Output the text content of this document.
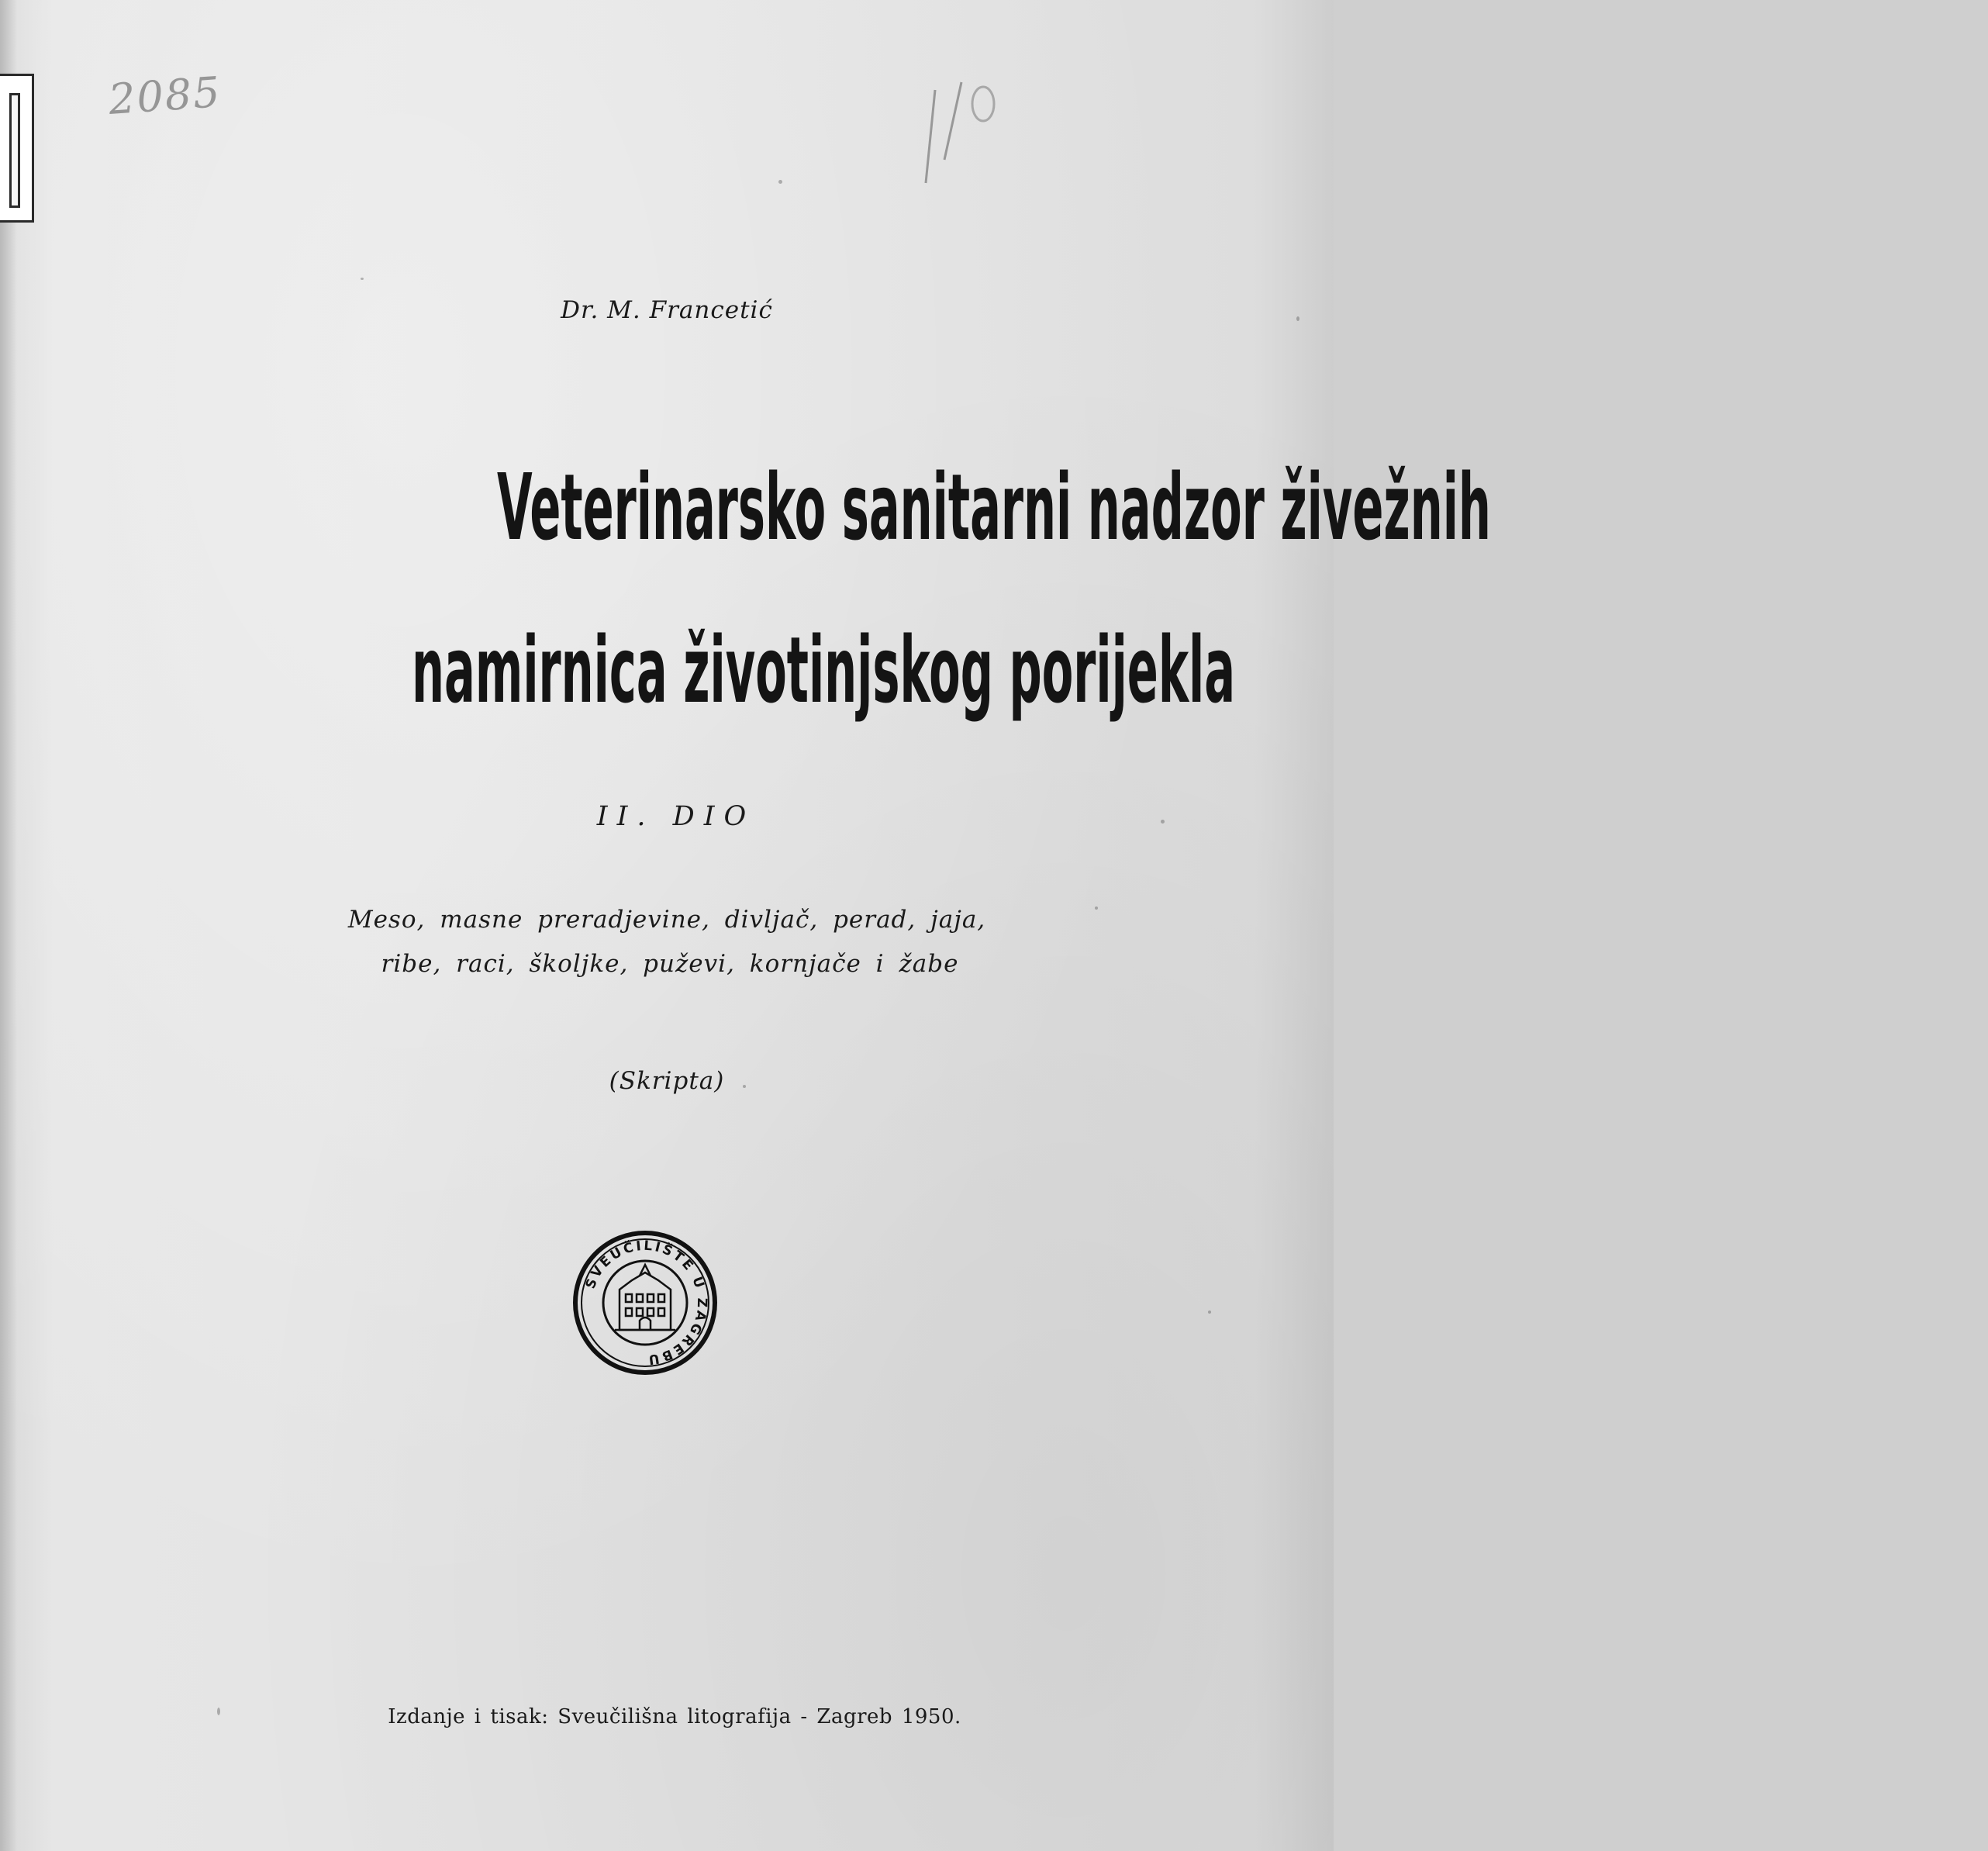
2085
Dr. M. Francetić
Veterinarsko sanitarni nadzor živežnih
namirnica životinjskog porijekla
II. DIO
Meso, masne preradjevine, divljač, perad, jaja,
ribe, raci, školjke, puževi, kornjače i žabe
(Skripta)
SVEUČILIŠTE U ZAGREBU
Izdanje i tisak: Sveučilišna litografija - Zagreb 1950.
